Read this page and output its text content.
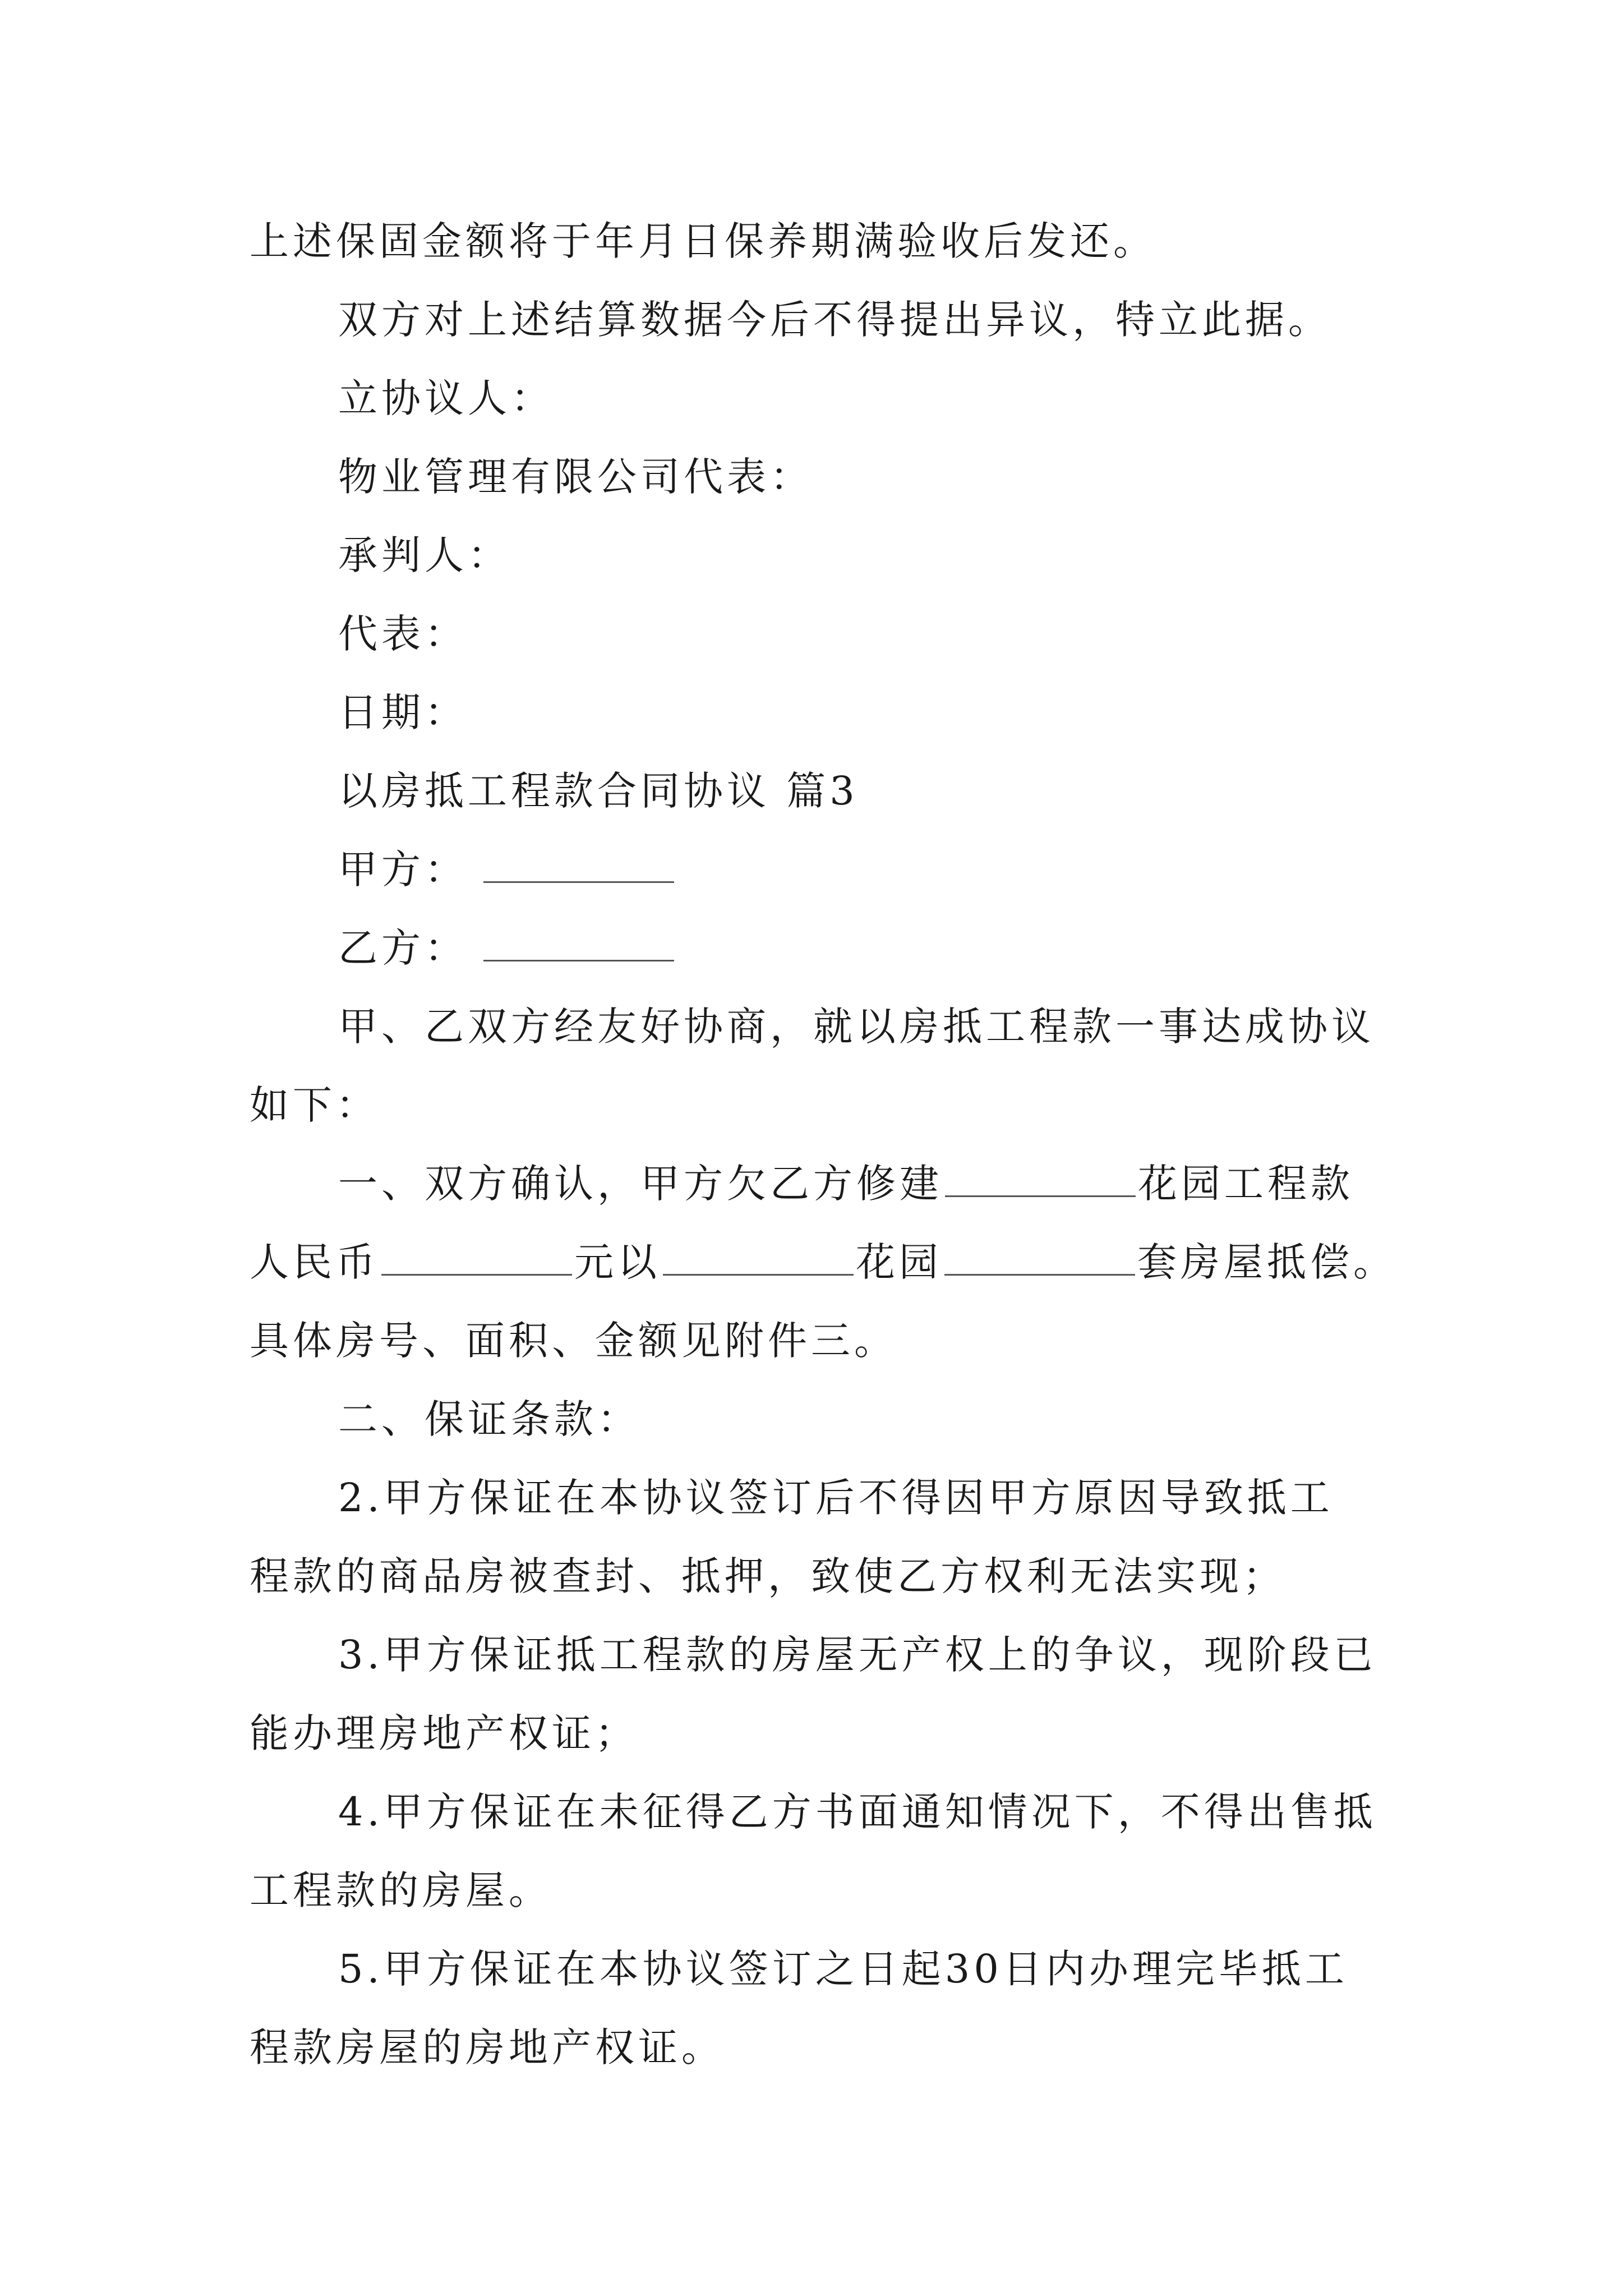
上述保固金额将于年月日保养期满验收后发还。

双方对上述结算数据今后不得提出异议，特立此据。

立协议人：

物业管理有限公司代表：

承判人：

代表：

日期：

以房抵工程款合同协议 篇3

甲方：

乙方：

甲、乙双方经友好协商，就以房抵工程款一事达成协议

如下：

一、双方确认，甲方欠乙方修建	花园工程款

人民币	元以	花园	套房屋抵偿。

具体房号、面积、金额见附件三。

二、保证条款：

2.甲方保证在本协议签订后不得因甲方原因导致抵工

程款的商品房被查封、抵押，致使乙方权利无法实现；

3.甲方保证抵工程款的房屋无产权上的争议，现阶段已

能办理房地产权证；

4.甲方保证在未征得乙方书面通知情况下，不得出售抵

工程款的房屋。

5.甲方保证在本协议签订之日起30日内办理完毕抵工

程款房屋的房地产权证。
